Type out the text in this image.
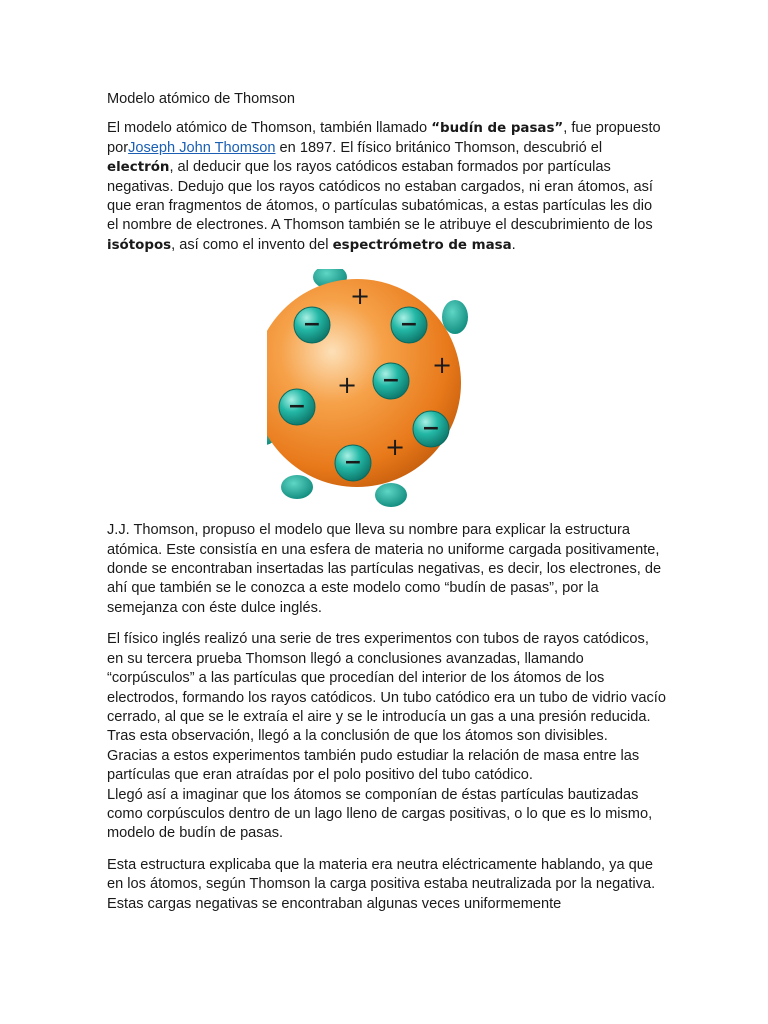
Modelo atómico de Thomson

El modelo atómico de Thomson, también llamado “budín de pasas”, fue propuesto porJoseph John Thomson en 1897. El físico británico Thomson, descubrió el electrón, al deducir que los rayos catódicos estaban formados por partículas negativas. Dedujo que los rayos catódicos no estaban cargados, ni eran átomos, así que eran fragmentos de átomos, o partículas subatómicas, a estas partículas les dio el nombre de electrones. A Thomson también se le atribuye el descubrimiento de los isótopos, así como el invento del espectrómetro de masa.

−	−
−
−
−
−
+
+
+
+

J.J. Thomson, propuso el modelo que lleva su nombre para explicar la estructura atómica. Este consistía en una esfera de materia no uniforme cargada positivamente, donde se encontraban insertadas las partículas negativas, es decir, los electrones, de ahí que también se le conozca a este modelo como “budín de pasas”, por la semejanza con éste dulce inglés.

El físico inglés realizó una serie de tres experimentos con tubos de rayos catódicos, en su tercera prueba Thomson llegó a conclusiones avanzadas, llamando “corpúsculos” a las partículas que procedían del interior de los átomos de los electrodos, formando los rayos catódicos. Un tubo catódico era un tubo de vidrio vacío cerrado, al que se le extraía el aire y se le introducía un gas a una presión reducida. Tras esta observación, llegó a la conclusión de que los átomos son divisibles.

Gracias a estos experimentos también pudo estudiar la relación de masa entre las partículas que eran atraídas por el polo positivo del tubo catódico.

Llegó así a imaginar que los átomos se componían de éstas partículas bautizadas como corpúsculos dentro de un lago lleno de cargas positivas, o lo que es lo mismo, modelo de budín de pasas.

Esta estructura explicaba que la materia era neutra eléctricamente hablando, ya que en los átomos, según Thomson la carga positiva estaba neutralizada por la negativa. Estas cargas negativas se encontraban algunas veces uniformemente
